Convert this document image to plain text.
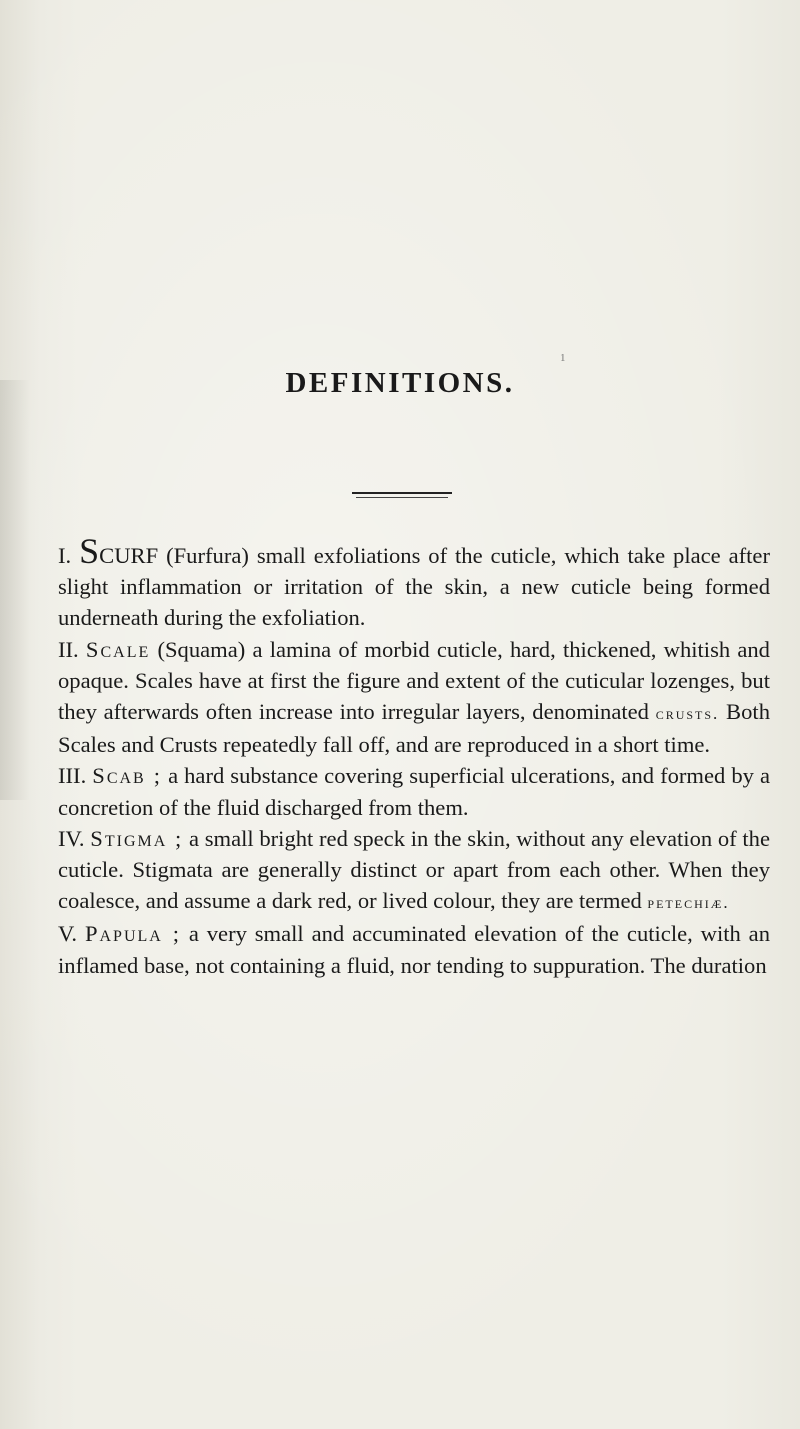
1
DEFINITIONS.

I. SCURF (Furfura) small exfoliations of the cuticle, which take place after slight inflammation or irritation of the skin, a new cuticle being formed underneath during the exfoliation.

II. Scale (Squama) a lamina of morbid cuticle, hard, thickened, whitish and opaque. Scales have at first the figure and extent of the cuticular lozenges, but they afterwards often increase into irregular layers, denominated crusts. Both Scales and Crusts repeatedly fall off, and are reproduced in a short time.

III. Scab ; a hard substance covering superficial ulcerations, and formed by a concretion of the fluid discharged from them.

IV. Stigma ; a small bright red speck in the skin, without any elevation of the cuticle. Stigmata are generally distinct or apart from each other. When they coalesce, and assume a dark red, or lived colour, they are termed petechiæ.

V. Papula ; a very small and accuminated elevation of the cuticle, with an inflamed base, not containing a fluid, nor tending to suppuration. The duration
